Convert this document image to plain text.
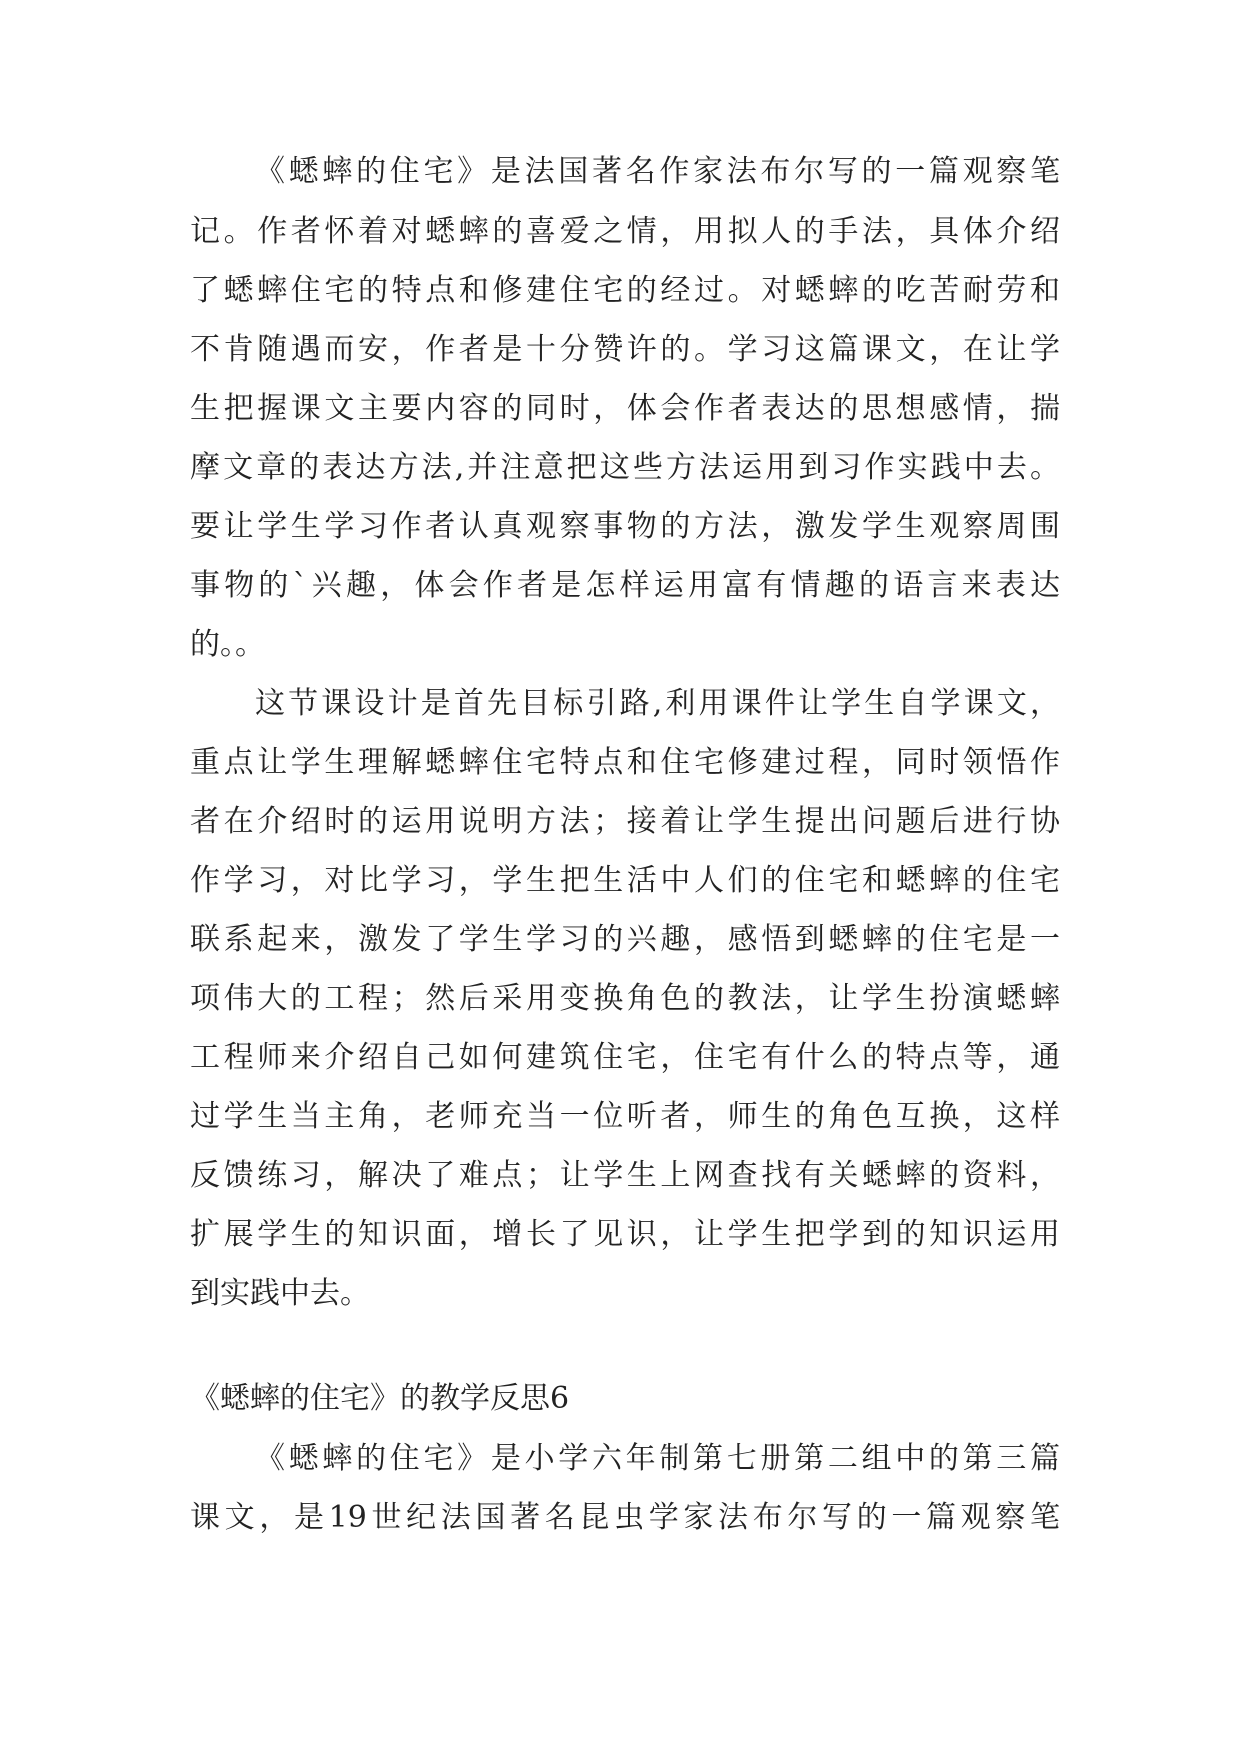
《蟋蟀的住宅》是法国著名作家法布尔写的一篇观察笔
记。作者怀着对蟋蟀的喜爱之情，用拟人的手法，具体介绍
了蟋蟀住宅的特点和修建住宅的经过。对蟋蟀的吃苦耐劳和
不肯随遇而安，作者是十分赞许的。学习这篇课文，在让学
生把握课文主要内容的同时，体会作者表达的思想感情，揣
摩文章的表达方法,并注意把这些方法运用到习作实践中去。
要让学生学习作者认真观察事物的方法，激发学生观察周围
事物的`兴趣，体会作者是怎样运用富有情趣的语言来表达
的。。
这节课设计是首先目标引路,利用课件让学生自学课文，
重点让学生理解蟋蟀住宅特点和住宅修建过程，同时领悟作
者在介绍时的运用说明方法；接着让学生提出问题后进行协
作学习，对比学习，学生把生活中人们的住宅和蟋蟀的住宅
联系起来，激发了学生学习的兴趣，感悟到蟋蟀的住宅是一
项伟大的工程；然后采用变换角色的教法，让学生扮演蟋蟀
工程师来介绍自己如何建筑住宅，住宅有什么的特点等，通
过学生当主角，老师充当一位听者，师生的角色互换，这样
反馈练习，解决了难点；让学生上网查找有关蟋蟀的资料，
扩展学生的知识面，增长了见识，让学生把学到的知识运用
到实践中去。
《蟋蟀的住宅》的教学反思6
《蟋蟀的住宅》是小学六年制第七册第二组中的第三篇
课文，是19世纪法国著名昆虫学家法布尔写的一篇观察笔
